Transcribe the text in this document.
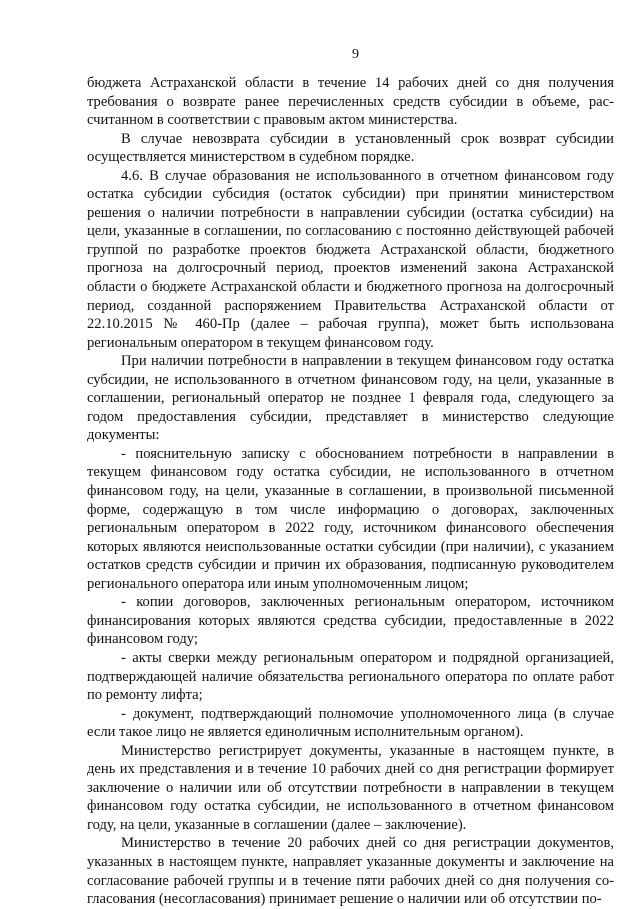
9

бюджета Астраханской области в течение 14 рабочих дней со дня получения требования о возврате ранее перечисленных средств субсидии в объеме, рассчитанном в соответствии с правовым актом министерства.

В случае невозврата субсидии в установленный срок возврат субсидии осуществляется министерством в судебном порядке.

4.6. В случае образования не использованного в отчетном финансовом году остатка субсидии субсидия (остаток субсидии) при принятии министерством решения о наличии потребности в направлении субсидии (остатка субсидии) на цели, указанные в соглашении, по согласованию с постоянно действующей рабочей группой по разработке проектов бюджета Астраханской области, бюджетного прогноза на долгосрочный период, проектов изменений закона Астраханской области о бюджете Астраханской области и бюджетного прогноза на долгосрочный период, созданной распоряжением Правительства Астраханской области от 22.10.2015 № 460-Пр (далее – рабочая группа), может быть использована региональным оператором в текущем финансовом году.

При наличии потребности в направлении в текущем финансовом году остатка субсидии, не использованного в отчетном финансовом году, на цели, указанные в соглашении, региональный оператор не позднее 1 февраля года, следующего за годом предоставления субсидии, представляет в министерство следующие документы:

- пояснительную записку с обоснованием потребности в направлении в текущем финансовом году остатка субсидии, не использованного в отчетном финансовом году, на цели, указанные в соглашении, в произвольной письменной форме, содержащую в том числе информацию о договорах, заключенных региональным оператором в 2022 году, источником финансового обеспечения которых являются неиспользованные остатки субсидии (при наличии), с указанием остатков средств субсидии и причин их образования, подписанную руководителем регионального оператора или иным уполномоченным лицом;

- копии договоров, заключенных региональным оператором, источником финансирования которых являются средства субсидии, предоставленные в 2022 финансовом году;

- акты сверки между региональным оператором и подрядной организацией, подтверждающей наличие обязательства регионального оператора по оплате работ по ремонту лифта;

- документ, подтверждающий полномочие уполномоченного лица (в случае если такое лицо не является единоличным исполнительным органом).

Министерство регистрирует документы, указанные в настоящем пункте, в день их представления и в течение 10 рабочих дней со дня регистрации формирует заключение о наличии или об отсутствии потребности в направлении в текущем финансовом году остатка субсидии, не использованного в отчетном финансовом году, на цели, указанные в соглашении (далее – заключение).

Министерство в течение 20 рабочих дней со дня регистрации документов, указанных в настоящем пункте, направляет указанные документы и заключение на согласование рабочей группы и в течение пяти рабочих дней со дня получения согласования (несогласования) принимает решение о наличии или об отсутствии по-
